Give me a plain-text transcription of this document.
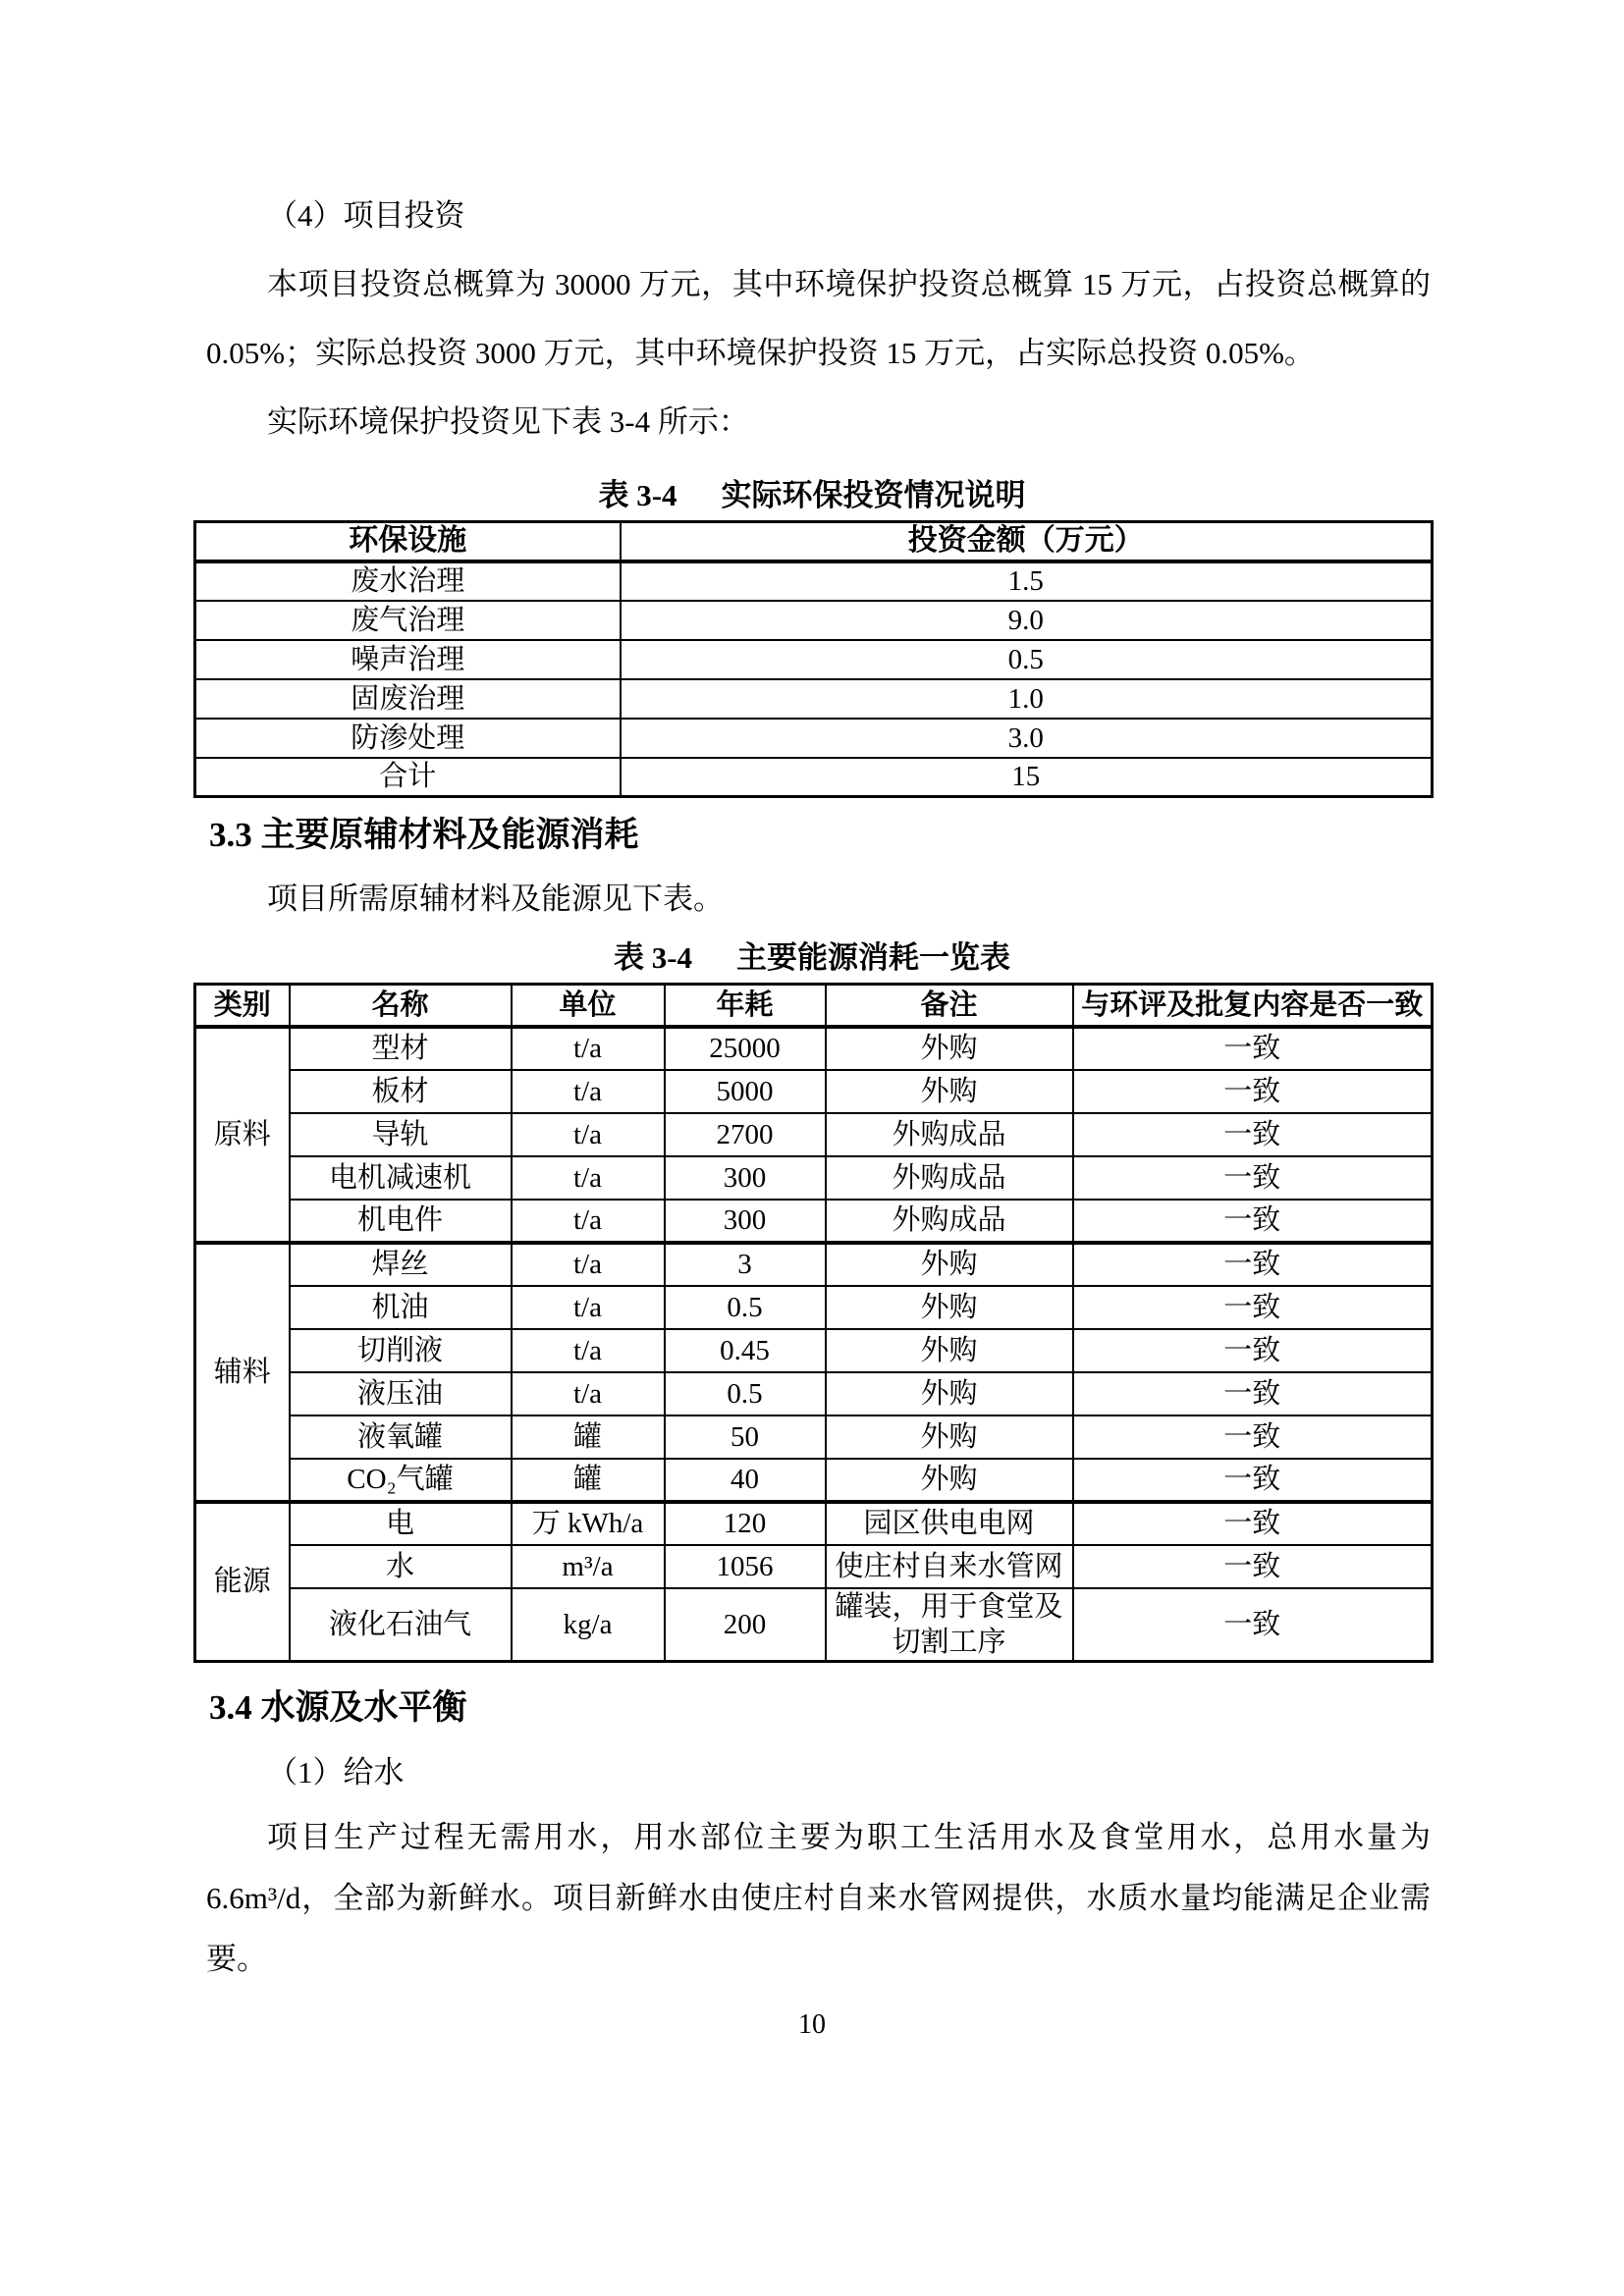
（4）项目投资

本项目投资总概算为 30000 万元，其中环境保护投资总概算 15 万元，占投资总概算的 0.05%；实际总投资 3000 万元，其中环境保护投资 15 万元，占实际总投资 0.05%。

实际环境保护投资见下表 3-4 所示：
表 3-4 实际环保投资情况说明
环保设施	投资金额（万元）
废水治理	1.5
废气治理	9.0
噪声治理	0.5
固废治理	1.0
防渗处理	3.0
合计	15
3.3 主要原辅材料及能源消耗
项目所需原辅材料及能源见下表。
表 3-4 主要能源消耗一览表
类别	名称	单位	年耗	备注	与环评及批复内容是否一致
原料	型材	t/a	25000	外购	一致
	板材	t/a	5000	外购	一致
	导轨	t/a	2700	外购成品	一致
	电机减速机	t/a	300	外购成品	一致
	机电件	t/a	300	外购成品	一致
辅料	焊丝	t/a	3	外购	一致
	机油	t/a	0.5	外购	一致
	切削液	t/a	0.45	外购	一致
	液压油	t/a	0.5	外购	一致
	液氧罐	罐	50	外购	一致
	CO₂气罐	罐	40	外购	一致
能源	电	万 kWh/a	120	园区供电电网	一致
	水	m³/a	1056	使庄村自来水管网	一致
	液化石油气	kg/a	200	罐装，用于食堂及切割工序	一致
3.4 水源及水平衡
（1）给水

项目生产过程无需用水，用水部位主要为职工生活用水及食堂用水，总用水量为 6.6m³/d，全部为新鲜水。项目新鲜水由使庄村自来水管网提供，水质水量均能满足企业需要。

10
